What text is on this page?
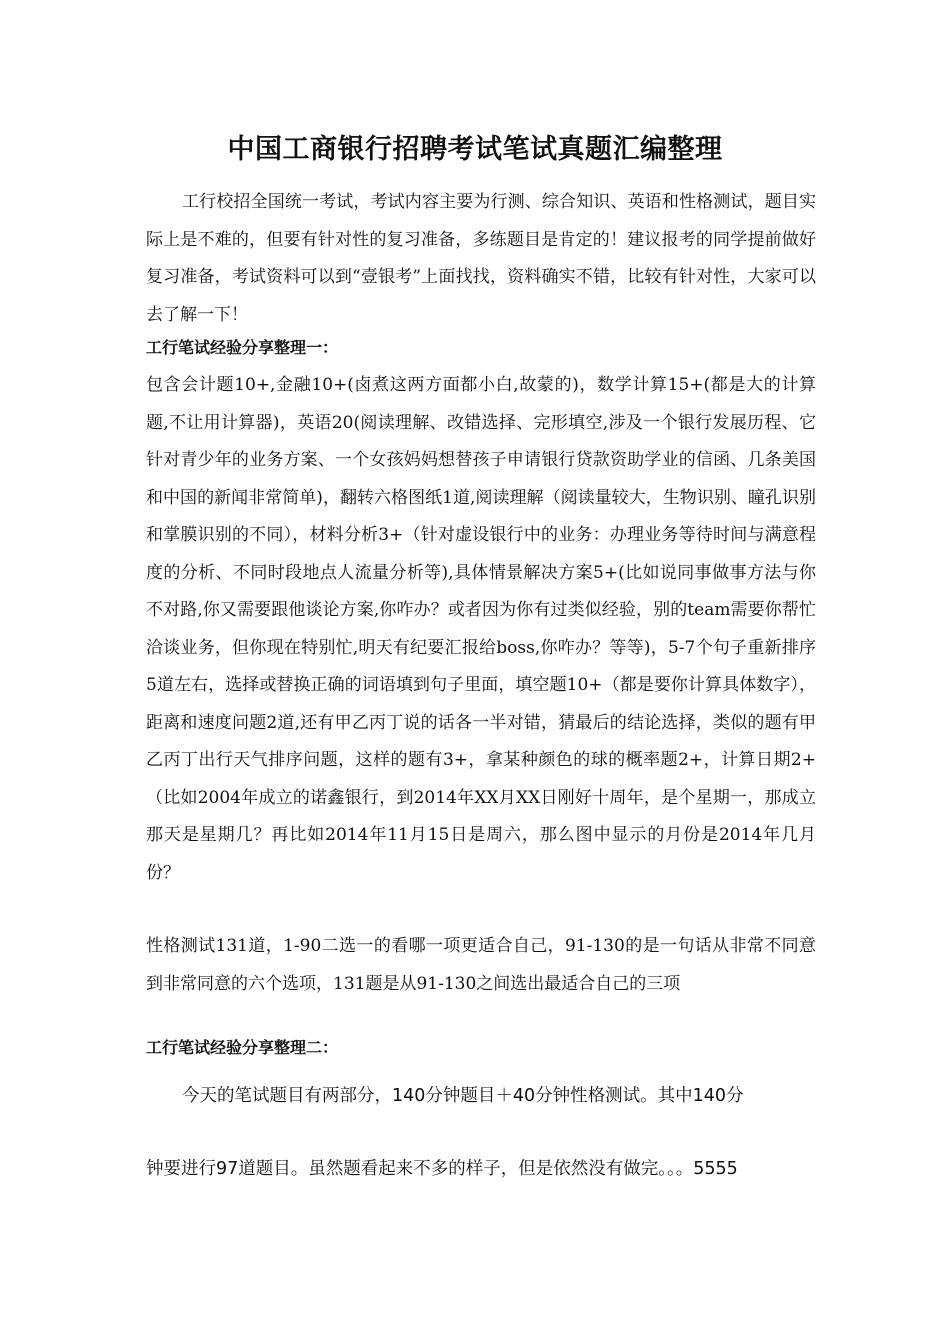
中国工商银行招聘考试笔试真题汇编整理

工行校招全国统一考试，考试内容主要为行测、综合知识、英语和性格测试，题目实际上是不难的，但要有针对性的复习准备，多练题目是肯定的！建议报考的同学提前做好复习准备，考试资料可以到“壹银考”上面找找，资料确实不错，比较有针对性，大家可以去了解一下！

工行笔试经验分享整理一：

包含会计题10+,金融10+(卤煮这两方面都小白,故蒙的)，数学计算15+(都是大的计算题,不让用计算器)，英语20(阅读理解、改错选择、完形填空,涉及一个银行发展历程、它针对青少年的业务方案、一个女孩妈妈想替孩子申请银行贷款资助学业的信函、几条美国和中国的新闻非常简单)，翻转六格图纸1道,阅读理解（阅读量较大，生物识别、瞳孔识别和掌膜识别的不同），材料分析3+（针对虚设银行中的业务：办理业务等待时间与满意程度的分析、不同时段地点人流量分析等),具体情景解决方案5+(比如说同事做事方法与你不对路,你又需要跟他谈论方案,你咋办？或者因为你有过类似经验，别的team需要你帮忙洽谈业务，但你现在特别忙,明天有纪要汇报给boss,你咋办？等等)，5-7个句子重新排序5道左右，选择或替换正确的词语填到句子里面，填空题10+（都是要你计算具体数字），距离和速度问题2道,还有甲乙丙丁说的话各一半对错，猜最后的结论选择，类似的题有甲乙丙丁出行天气排序问题，这样的题有3+，拿某种颜色的球的概率题2+，计算日期2+（比如2004年成立的诺鑫银行，到2014年XX月XX日刚好十周年，是个星期一，那成立那天是星期几？再比如2014年11月15日是周六，那么图中显示的月份是2014年几月份？

性格测试131道，1-90二选一的看哪一项更适合自己，91-130的是一句话从非常不同意到非常同意的六个选项，131题是从91-130之间选出最适合自己的三项

工行笔试经验分享整理二：

今天的笔试题目有两部分，140分钟题目＋40分钟性格测试。其中140分

钟要进行97道题目。虽然题看起来不多的样子，但是依然没有做完。。。5555
